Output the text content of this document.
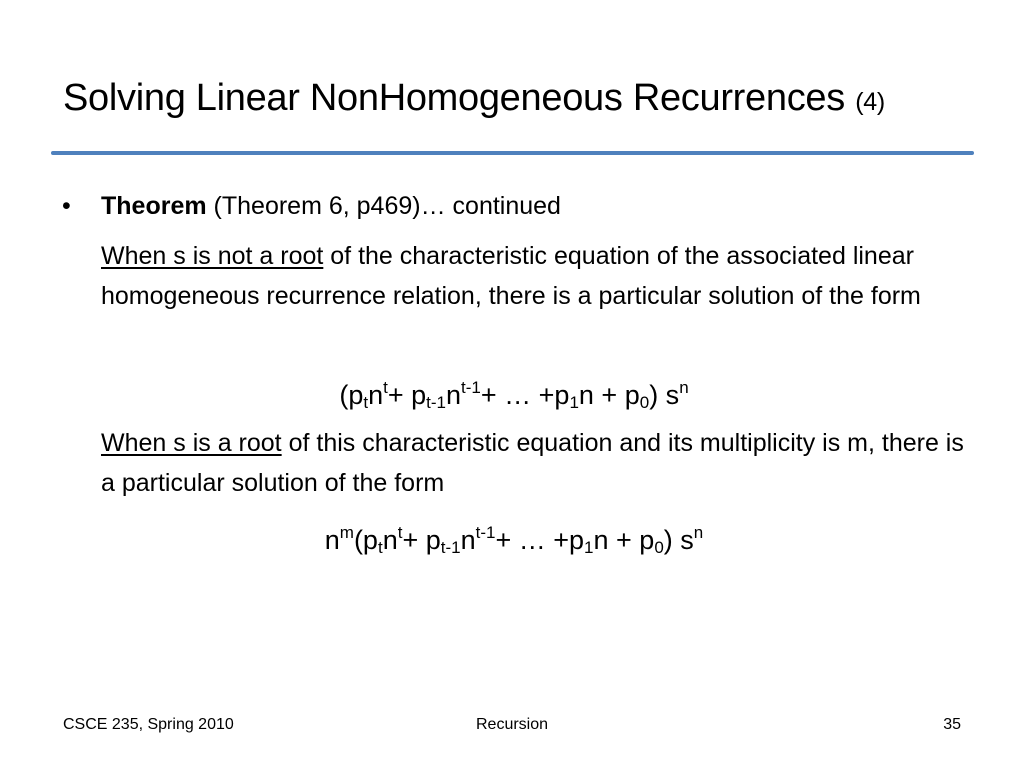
Solving Linear NonHomogeneous Recurrences (4)
• Theorem (Theorem 6, p469)… continued
When s is not a root of the characteristic equation of the associated linear homogeneous recurrence relation, there is a particular solution of the form
($p_tn^t+ p_{t-1}n^{t-1}+$ … $+p_1n + p_0$) $s^n$
When s is a root of this characteristic equation and its multiplicity is m, there is a particular solution of the form
$n^m(p_tn^t+ p_{t-1}n^{t-1}+$ … $+p_1n + p_0$) $s^n$
CSCE 235, Spring 2010	Recursion	35
